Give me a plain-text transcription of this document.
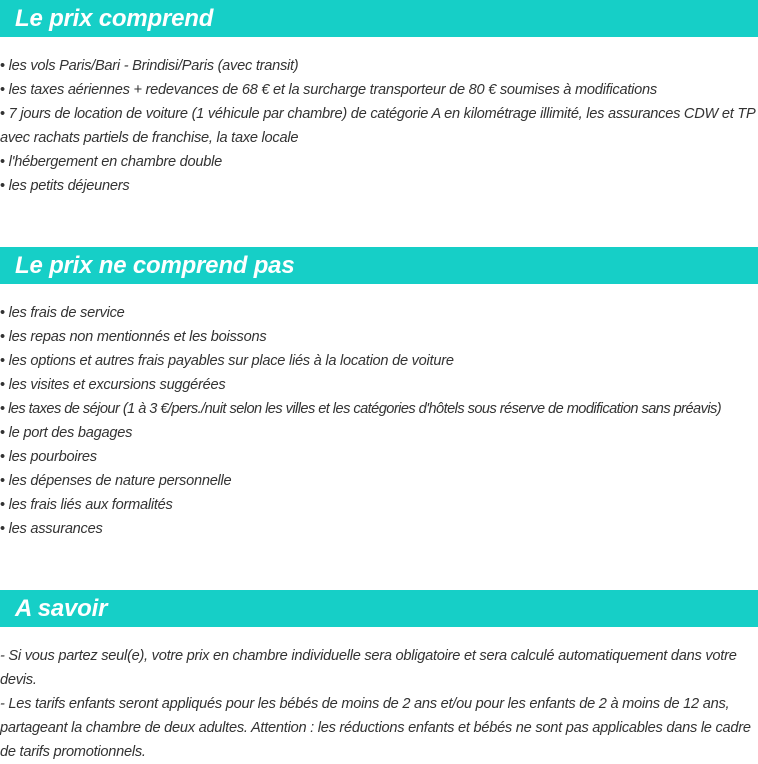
Le prix comprend
• les vols Paris/Bari - Brindisi/Paris (avec transit)
• les taxes aériennes + redevances de 68 € et la surcharge transporteur de 80 € soumises à modifications
• 7 jours de location de voiture (1 véhicule par chambre) de catégorie A en kilométrage illimité, les assurances CDW et TP avec rachats partiels de franchise, la taxe locale
• l'hébergement en chambre double
• les petits déjeuners
Le prix ne comprend pas
• les frais de service
• les repas non mentionnés et les boissons
• les options et autres frais payables sur place liés à la location de voiture
• les visites et excursions suggérées
• les taxes de séjour (1 à 3 €/pers./nuit selon les villes et les catégories d'hôtels sous réserve de modification sans préavis)
• le port des bagages
• les pourboires
• les dépenses de nature personnelle
• les frais liés aux formalités
• les assurances
A savoir

- Si vous partez seul(e), votre prix en chambre individuelle sera obligatoire et sera calculé automatiquement dans votre devis.

- Les tarifs enfants seront appliqués pour les bébés de moins de 2 ans et/ou pour les enfants de 2 à moins de 12 ans, partageant la chambre de deux adultes. Attention : les réductions enfants et bébés ne sont pas applicables dans le cadre de tarifs promotionnels.
